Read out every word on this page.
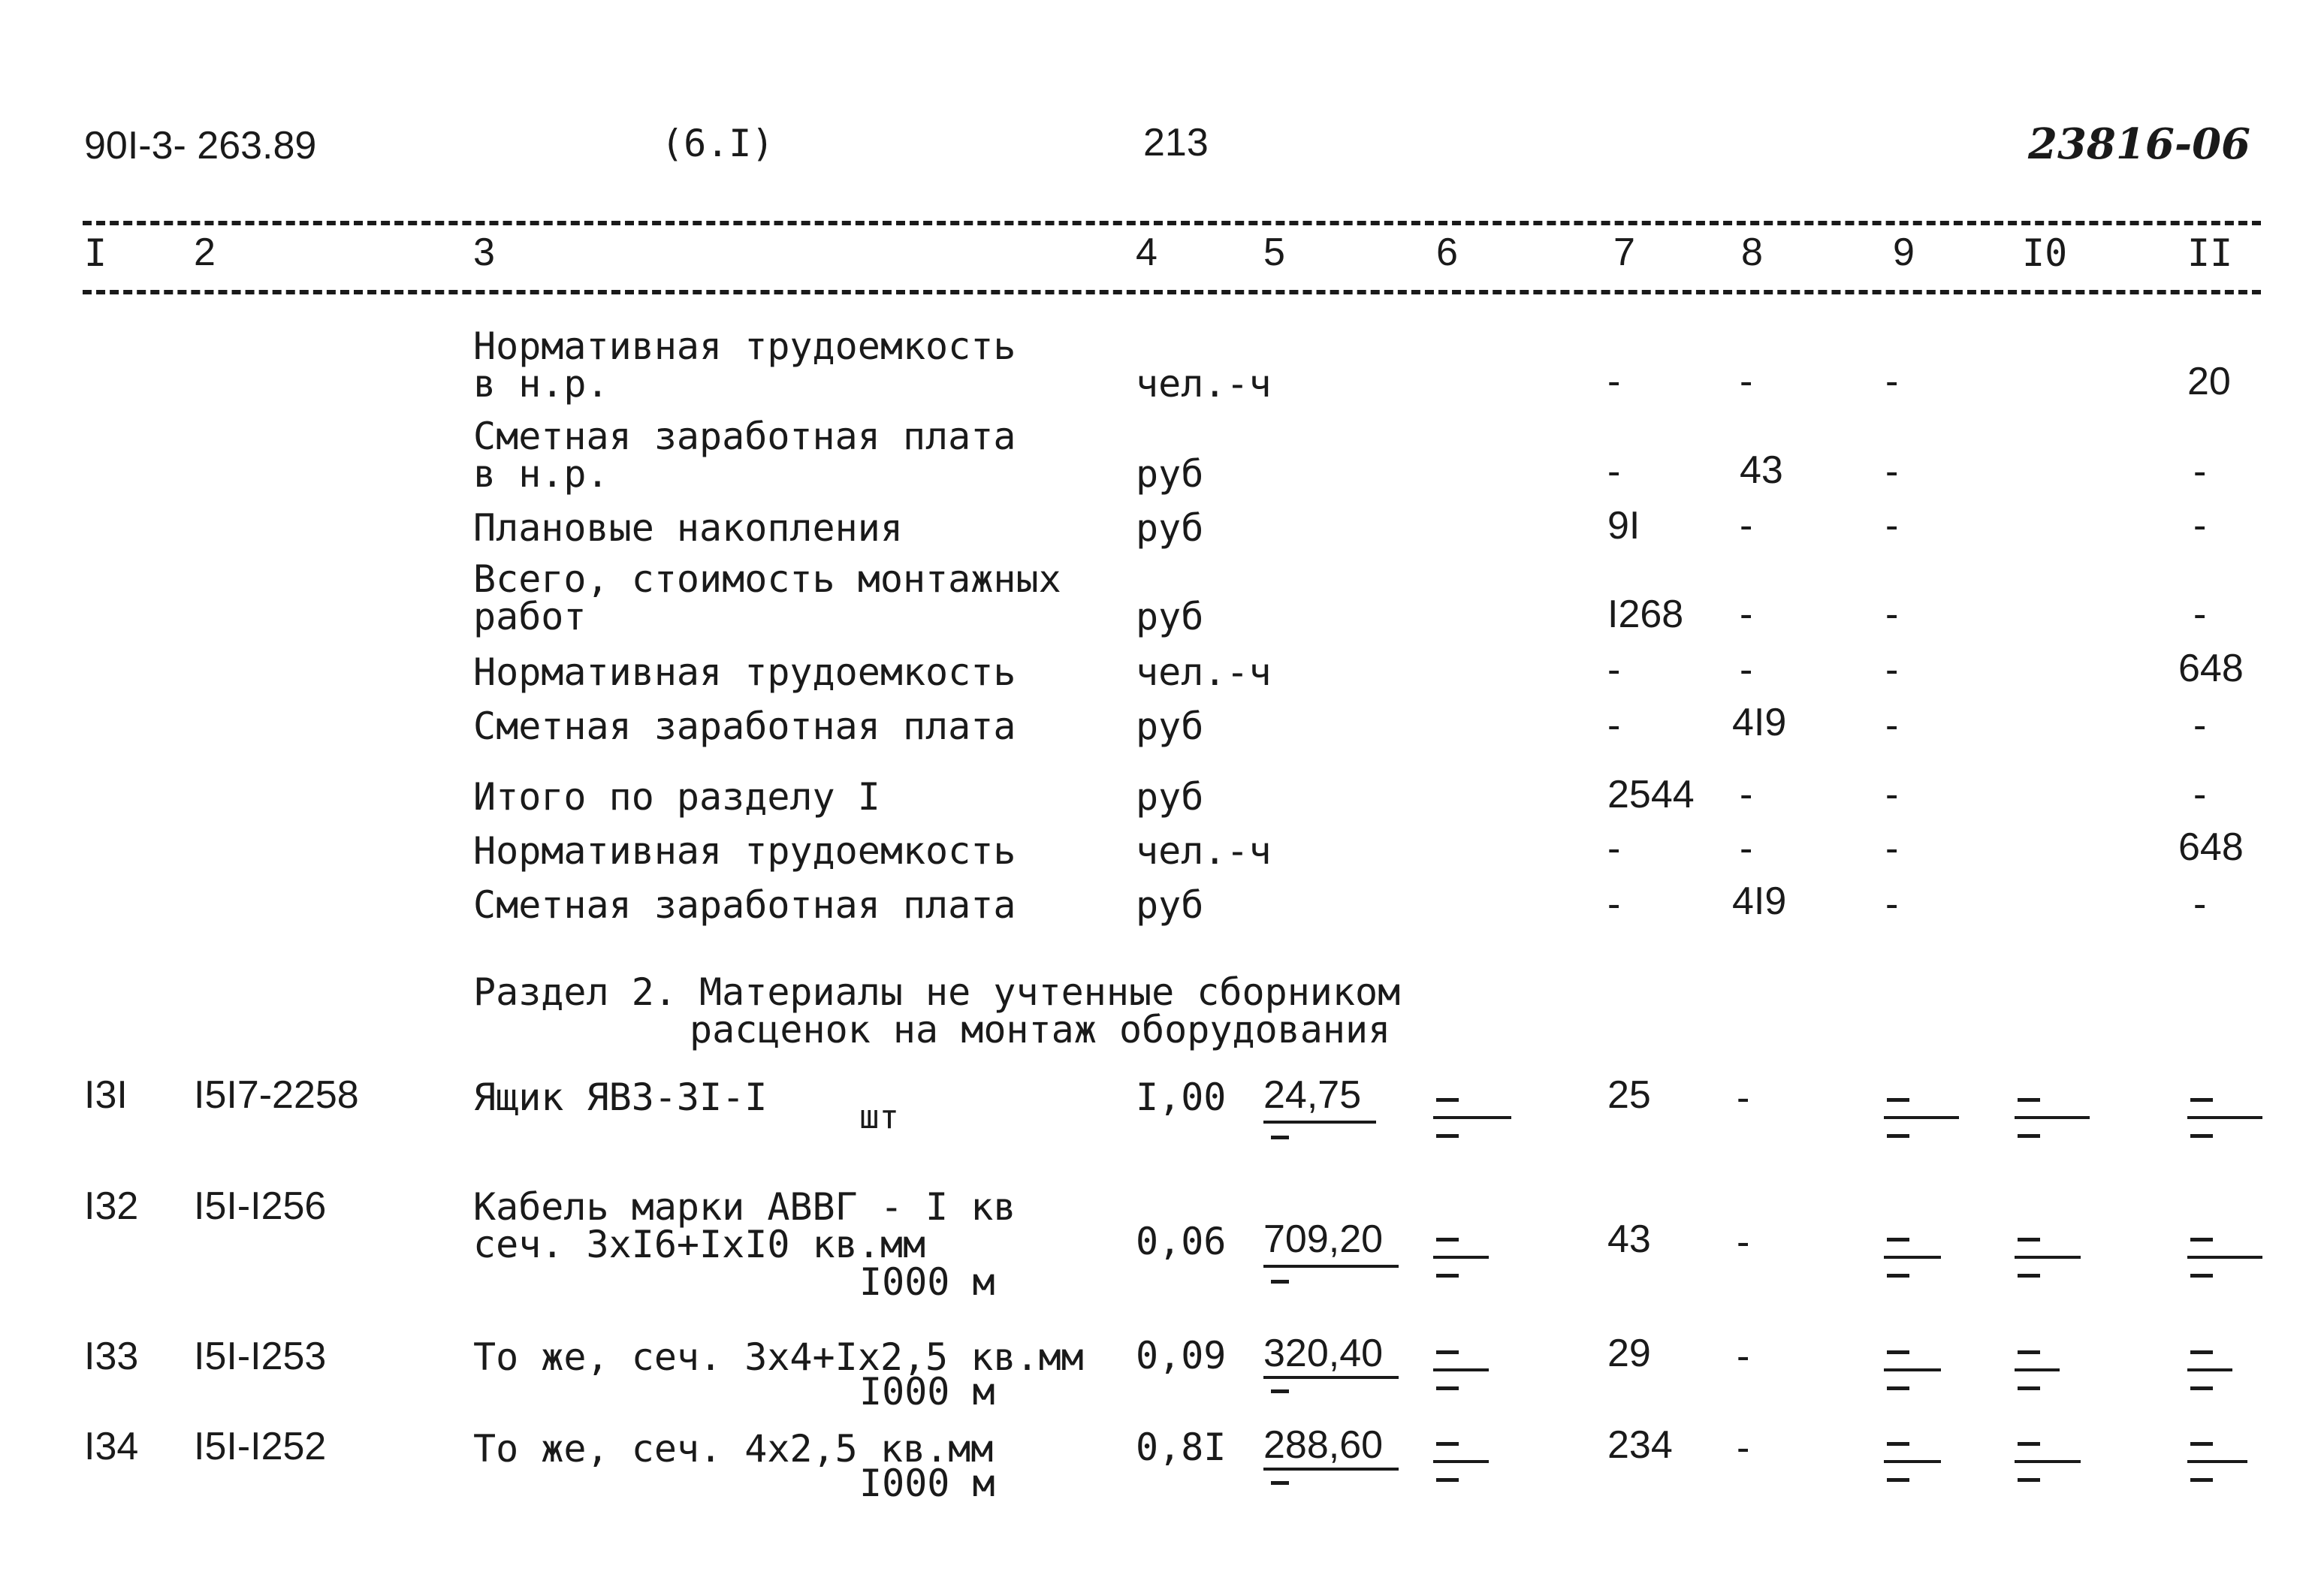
90I-3- 263.89	(6.I)	213	23816-06
I 2	3	4	5	6	7	8	9	I0	II
Нормативная трудоемкость
в н.р.	чел.-ч	-	-	-	20
Сметная заработная плата
в н.р.	руб	-	43	-	-
Плановые накопления	руб	9I	-	-	-
Всего, стоимость монтажных
работ	руб	I268 -	-	-
Нормативная трудоемкость	чел.-ч	-	-	-	648
Сметная заработная плата	руб	-	4I9	-	-
Итого по разделу I	руб	2544 -	-	-
Нормативная трудоемкость	чел.-ч	-	-	-	648
Сметная заработная плата	руб	-	4I9	-	-
Раздел 2. Материалы не учтенные сборником
расценок на монтаж оборудования
I3I I5I7-2258	Ящик ЯВЗ-3I-I	шт	I,00 24,75	25 -
I32 I5I-I256	Кабель марки АВВГ - I кв
сеч. 3хI6+IхI0 кв.мм
I000 м
0,06 709,20	43 -
I33 I5I-I253	То же, сеч. 3х4+Iх2,5 кв.мм
I000 м
0,09 320,40	29 -
I34 I5I-I252	То же, сеч. 4х2,5 кв.мм
I000 м
0,8I 288,60	234 -
